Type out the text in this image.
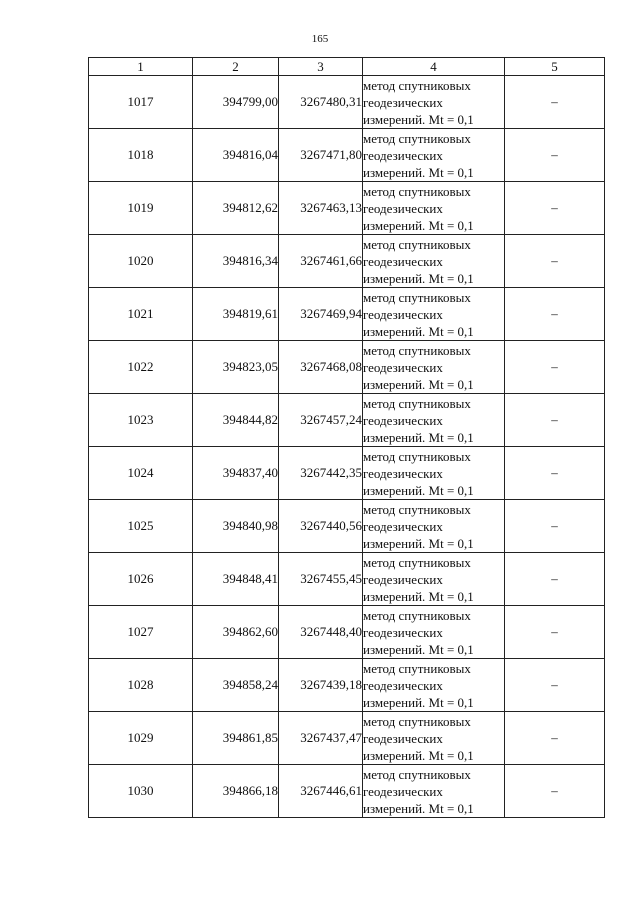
165
1	2	3	4	5
1017	394799,00	3267480,31	метод спутниковых
геодезических
измерений. Mt = 0,1	–
1018	394816,04	3267471,80	метод спутниковых
геодезических
измерений. Mt = 0,1	–
1019	394812,62	3267463,13	метод спутниковых
геодезических
измерений. Mt = 0,1	–
1020	394816,34	3267461,66	метод спутниковых
геодезических
измерений. Mt = 0,1	–
1021	394819,61	3267469,94	метод спутниковых
геодезических
измерений. Mt = 0,1	–
1022	394823,05	3267468,08	метод спутниковых
геодезических
измерений. Mt = 0,1	–
1023	394844,82	3267457,24	метод спутниковых
геодезических
измерений. Mt = 0,1	–
1024	394837,40	3267442,35	метод спутниковых
геодезических
измерений. Mt = 0,1	–
1025	394840,98	3267440,56	метод спутниковых
геодезических
измерений. Mt = 0,1	–
1026	394848,41	3267455,45	метод спутниковых
геодезических
измерений. Mt = 0,1	–
1027	394862,60	3267448,40	метод спутниковых
геодезических
измерений. Mt = 0,1	–
1028	394858,24	3267439,18	метод спутниковых
геодезических
измерений. Mt = 0,1	–
1029	394861,85	3267437,47	метод спутниковых
геодезических
измерений. Mt = 0,1	–
1030	394866,18	3267446,61	метод спутниковых
геодезических
измерений. Mt = 0,1	–
